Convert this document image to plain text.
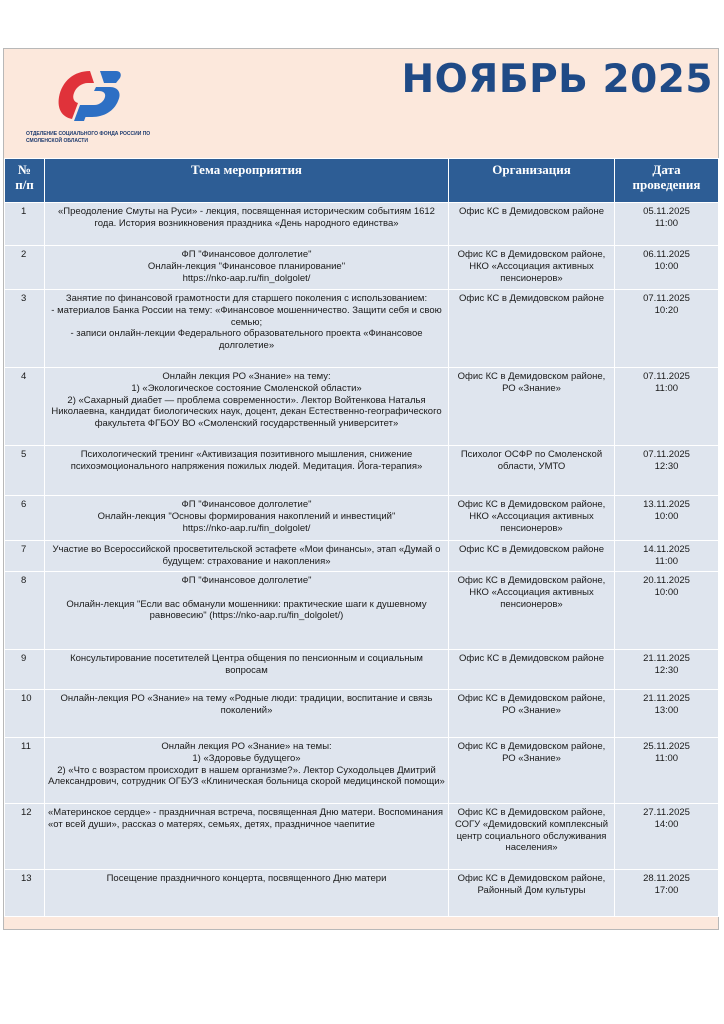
ОТДЕЛЕНИЕ СОЦИАЛЬНОГО ФОНДА РОССИИ ПО СМОЛЕНСКОЙ ОБЛАСТИ
НОЯБРЬ 2025
№
п/п	Тема мероприятия	Организация	Дата
проведения
1	«Преодоление Смуты на Руси» - лекция, посвященная историческим событиям 1612 года. История возникновения праздника «День народного единства»	Офис КС в Демидовском районе	05.11.2025
11:00
2	ФП "Финансовое долголетие"
Онлайн-лекция "Финансовое планирование"
https://nko-aap.ru/fin_dolgolet/	Офис КС в Демидовском районе, НКО «Ассоциация активных пенсионеров»	06.11.2025
10:00
3	Занятие по финансовой грамотности для старшего поколения с использованием:
- материалов Банка России на тему: «Финансовое мошенничество. Защити себя и свою семью;
- записи онлайн-лекции Федерального образовательного проекта «Финансовое долголетие»	Офис КС в Демидовском районе	07.11.2025
10:20
4	Онлайн лекция РО «Знание» на тему:
1) «Экологическое состояние Смоленской области»
2) «Сахарный диабет — проблема современности». Лектор Войтенкова Наталья Николаевна, кандидат биологических наук, доцент, декан Естественно-географического факультета ФГБОУ ВО «Смоленский государственный университет»	Офис КС в Демидовском районе, РО «Знание»	07.11.2025
11:00
5	Психологический тренинг «Активизация позитивного мышления, снижение психоэмоционального напряжения пожилых людей. Медитация. Йога-терапия»	Психолог ОСФР по Смоленской области, УМТО	07.11.2025
12:30
6	ФП "Финансовое долголетие"
Онлайн-лекция "Основы формирования накоплений и инвестиций"
https://nko-aap.ru/fin_dolgolet/	Офис КС в Демидовском районе, НКО «Ассоциация активных пенсионеров»	13.11.2025
10:00
7	Участие во Всероссийской просветительской эстафете «Мои финансы», этап «Думай о будущем: страхование и накопления»	Офис КС в Демидовском районе	14.11.2025
11:00
8	ФП "Финансовое долголетие"

Онлайн-лекция "Если вас обманули мошенники: практические шаги к душевному равновесию" (https://nko-aap.ru/fin_dolgolet/)	Офис КС в Демидовском районе, НКО «Ассоциация активных пенсионеров»	20.11.2025
10:00
9	Консультирование посетителей Центра общения по пенсионным и социальным вопросам	Офис КС в Демидовском районе	21.11.2025
12:30
10	Онлайн-лекция РО «Знание» на тему «Родные люди: традиции, воспитание и связь поколений»	Офис КС в Демидовском районе,
РО «Знание»	21.11.2025
13:00
11	Онлайн лекция РО «Знание» на темы:
1) «Здоровье будущего»
2) «Что с возрастом происходит в нашем организме?». Лектор Суходольцев Дмитрий Александрович, сотрудник ОГБУЗ «Клиническая больница скорой медицинской помощи»	Офис КС в Демидовском районе, РО «Знание»	25.11.2025
11:00
12	«Материнское сердце» - праздничная встреча, посвященная Дню матери. Воспоминания «от всей души», рассказ о матерях, семьях, детях, праздничное чаепитие	Офис КС в Демидовском районе, СОГУ «Демидовский комплексный центр социального обслуживания населения»	27.11.2025
14:00
13	Посещение праздничного концерта, посвященного Дню матери	Офис КС в Демидовском районе, Районный Дом культуры	28.11.2025
17:00
